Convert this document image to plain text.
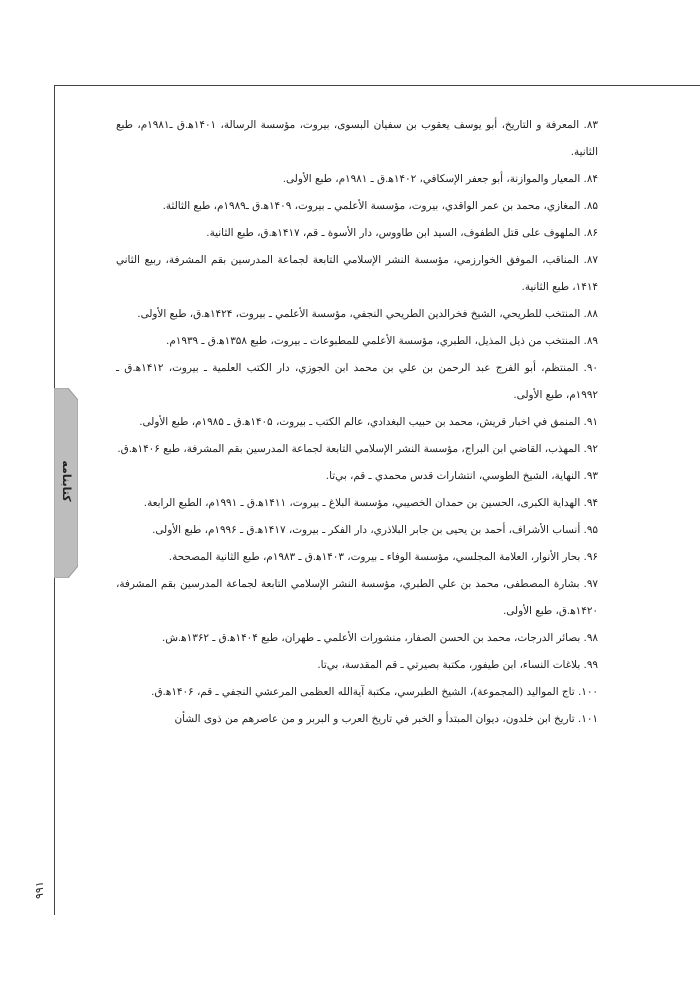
کتابنامه
۹۹۱

۸۳. المعرفة و التاريخ، أبو يوسف يعقوب بن سفيان البسوى، بيروت، مؤسسة الرسالة، ۱۴۰۱ه‍.ق ـ۱۹۸۱م، طبع الثانية.

۸۴. المعيار والموازنة، أبو جعفر الإسكافي، ۱۴۰۲ه‍.ق ـ ۱۹۸۱م، طبع الأولى.

۸۵. المغازي، محمد بن عمر الواقدي، بيروت، مؤسسة الأعلمي ـ بيروت، ۱۴۰۹ه‍.ق ـ۱۹۸۹م، طبع الثالثة.

۸۶. الملهوف على قتل الطفوف، السيد ابن طاووس، دار الأسوة ـ قم، ۱۴۱۷ه‍.ق، طبع الثانية.

۸۷. المناقب، الموفق الخوارزمي، مؤسسة النشر الإسلامي التابعة لجماعة المدرسين بقم المشرفة، ربيع الثاني ۱۴۱۴، طبع الثانية.

۸۸. المنتخب للطريحي، الشيخ فخرالدين الطريحي النجفي، مؤسسة الأعلمي ـ بيروت، ۱۴۲۴ه‍.ق، طبع الأولى.

۸۹. المنتخب من ذيل المذيل، الطبري، مؤسسة الأعلمي للمطبوعات ـ بيروت، طبع ۱۳۵۸ه‍.ق ـ ۱۹۳۹م.

۹۰. المنتظم، أبو الفرج عبد الرحمن بن علي بن محمد ابن الجوزي، دار الكتب العلمية ـ بيروت، ۱۴۱۲ه‍.ق ـ ۱۹۹۲م، طبع الأولى.

۹۱. المنمق في اخبار قريش، محمد بن حبيب البغدادي، عالم الكتب ـ بيروت، ۱۴۰۵ه‍.ق ـ ۱۹۸۵م، طبع الأولى.

۹۲. المهذب، القاضي ابن البراج، مؤسسة النشر الإسلامي التابعة لجماعة المدرسين بقم المشرفة، طبع ۱۴۰۶ه‍.ق.

۹۳. النهاية، الشيخ الطوسي، انتشارات قدس محمدي ـ قم، بي‌تا.

۹۴. الهداية الكبرى، الحسين بن حمدان الخصيبي، مؤسسة البلاغ ـ بيروت، ۱۴۱۱ه‍.ق ـ ۱۹۹۱م، الطبع الرابعة.

۹۵. أنساب الأشراف، أحمد بن يحيى بن جابر البلاذري، دار الفكر ـ بيروت، ۱۴۱۷ه‍.ق ـ ۱۹۹۶م، طبع الأولى.

۹۶. بحار الأنوار، العلامة المجلسي، مؤسسة الوفاء ـ بيروت، ۱۴۰۳ه‍.ق ـ ۱۹۸۳م، طبع الثانية المصححة.

۹۷. بشارة المصطفى، محمد بن علي الطبري، مؤسسة النشر الإسلامي التابعة لجماعة المدرسين بقم المشرفة، ۱۴۲۰ه‍.ق، طبع الأولى.

۹۸. بصائر الدرجات، محمد بن الحسن الصفار، منشورات الأعلمي ـ طهران، طبع ۱۴۰۴ه‍.ق ـ ۱۳۶۲ه‍.ش.

۹۹. بلاغات النساء، ابن طيفور، مكتبة بصيرتي ـ قم المقدسة، بي‌تا.

۱۰۰. تاج المواليد (المجموعة)، الشيخ الطبرسي، مكتبة آيةالله العظمى المرعشي النجفي ـ قم، ۱۴۰۶ه‍.ق.

۱۰۱. تاريخ ابن خلدون، ديوان المبتدأ و الخبر في تاريخ العرب و البربر و من عاصرهم من ذوى الشأن
